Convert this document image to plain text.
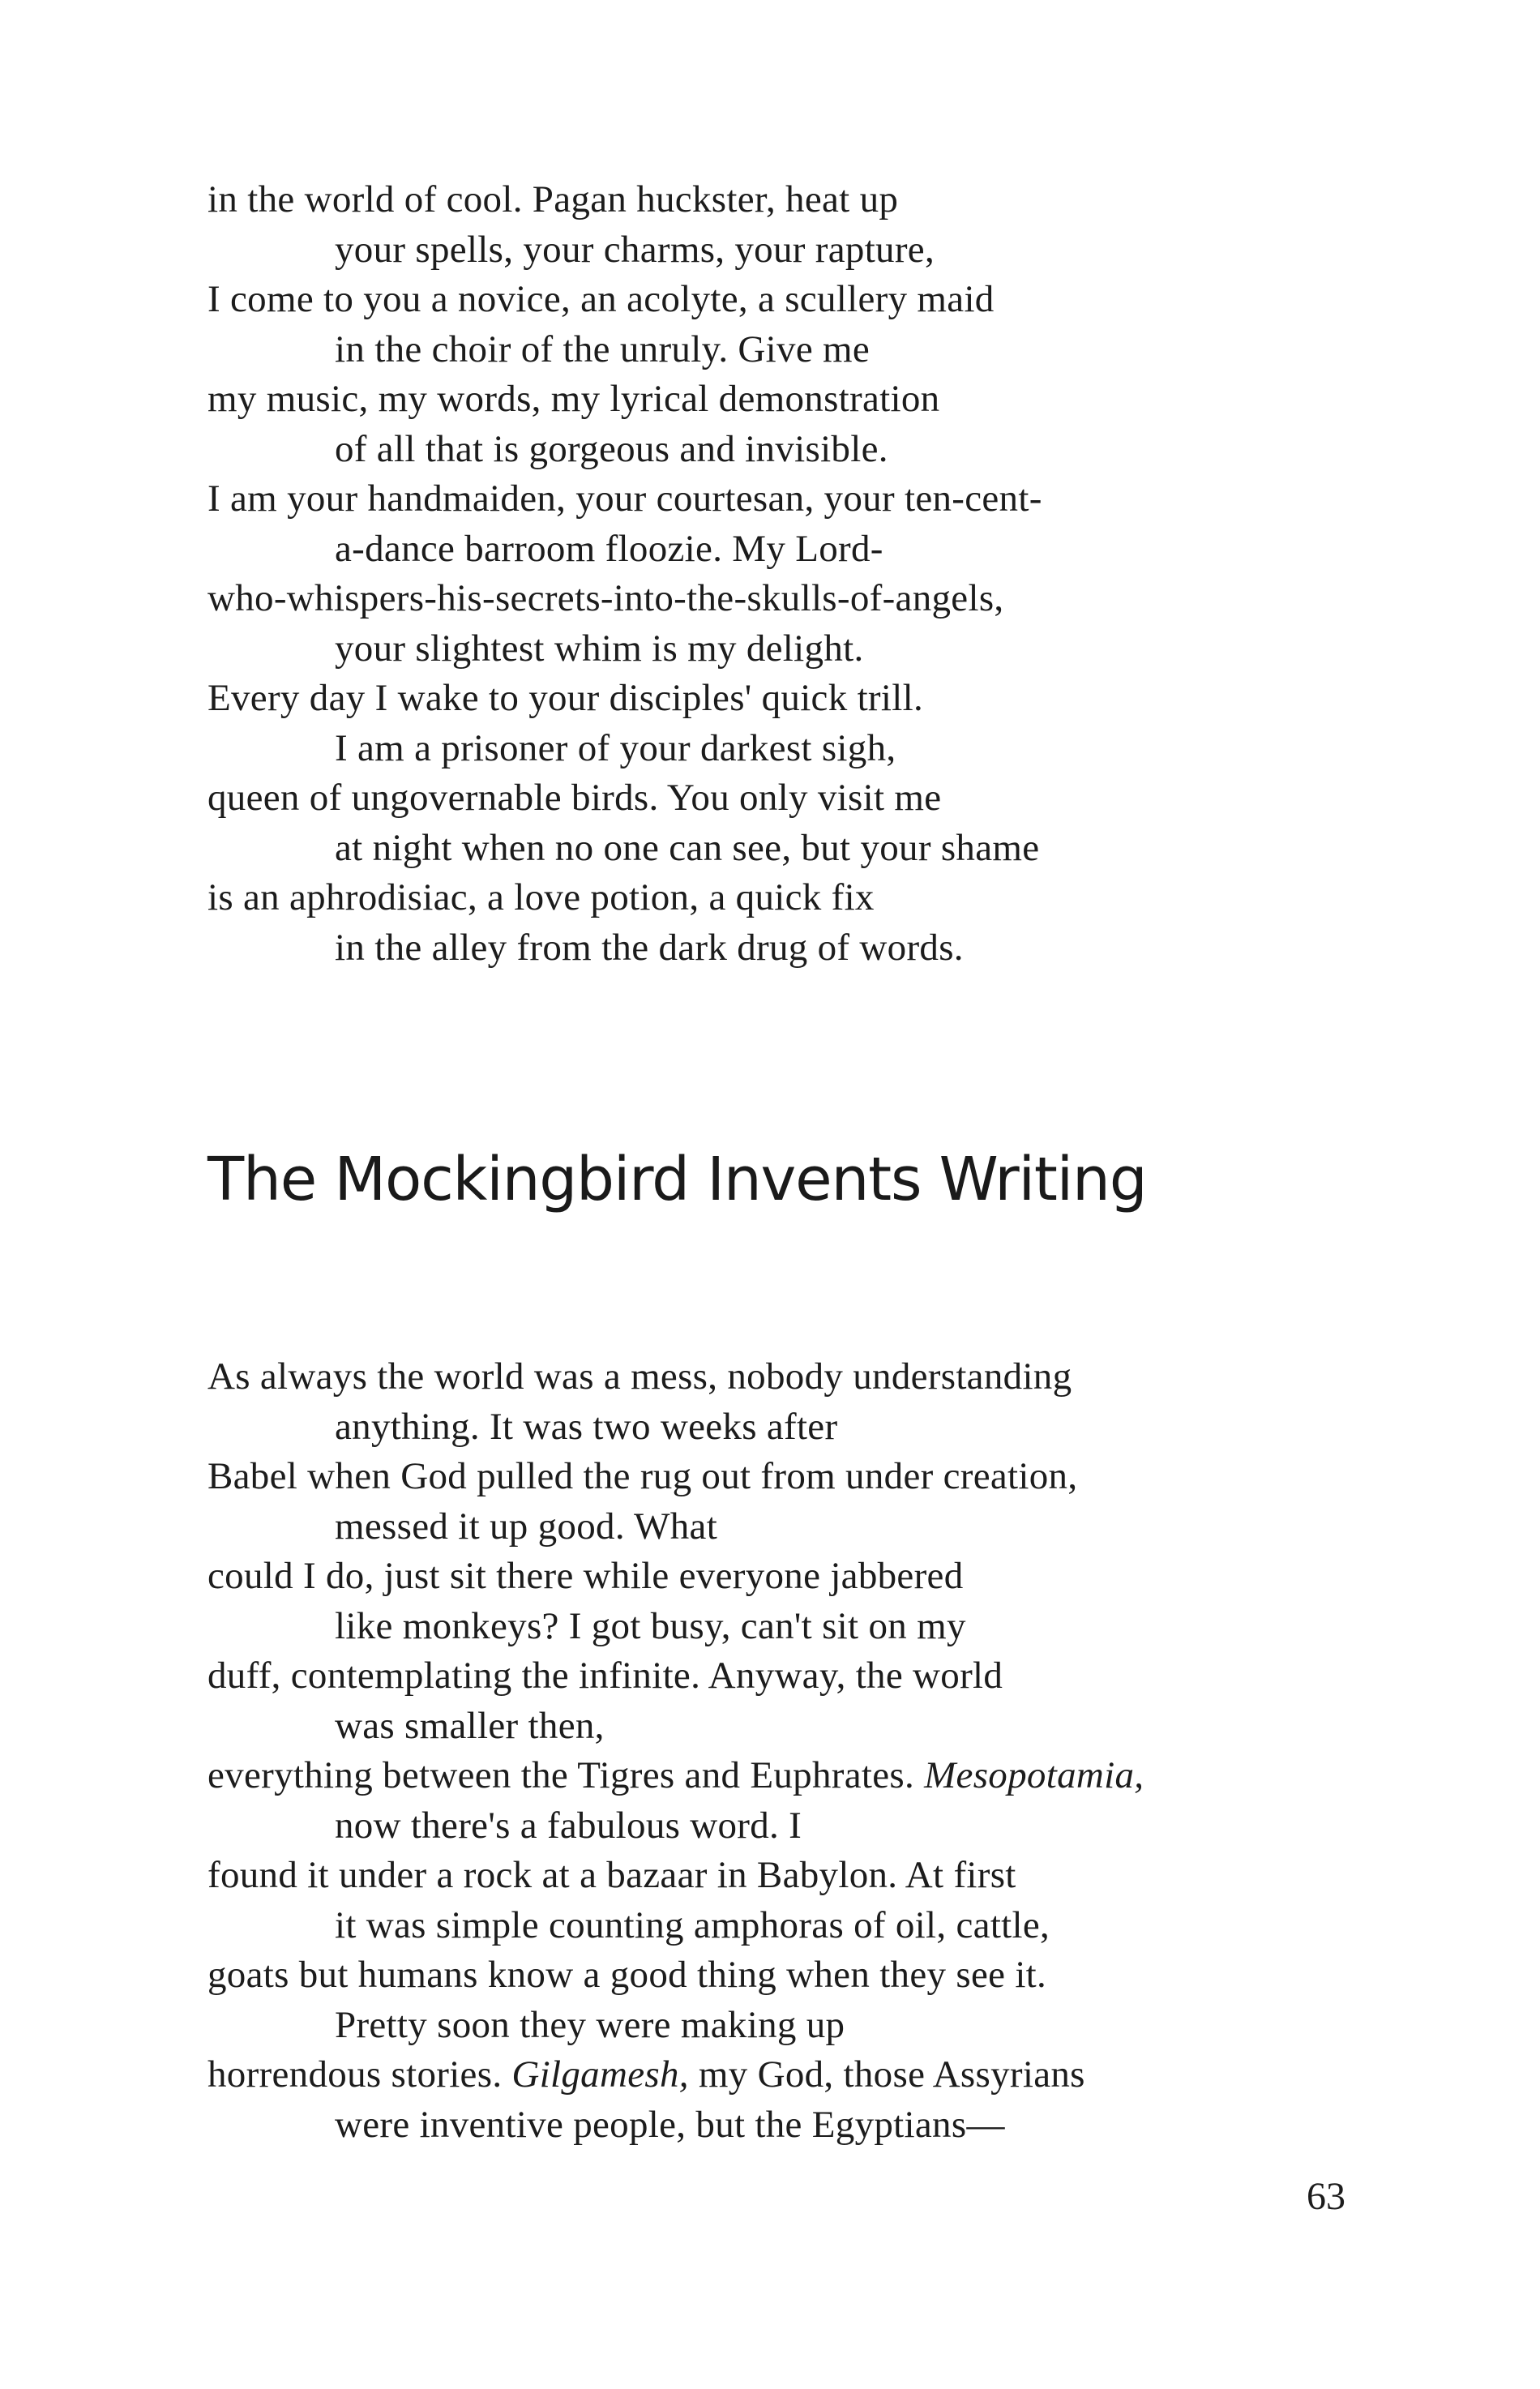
in the world of cool. Pagan huckster, heat up
your spells, your charms, your rapture,
I come to you a novice, an acolyte, a scullery maid
in the choir of the unruly. Give me
my music, my words, my lyrical demonstration
of all that is gorgeous and invisible.
I am your handmaiden, your courtesan, your ten-cent-
a-dance barroom floozie. My Lord-
who-whispers-his-secrets-into-the-skulls-of-angels,
your slightest whim is my delight.
Every day I wake to your disciples' quick trill.
I am a prisoner of your darkest sigh,
queen of ungovernable birds. You only visit me
at night when no one can see, but your shame
is an aphrodisiac, a love potion, a quick fix
in the alley from the dark drug of words.
The Mockingbird Invents Writing
As always the world was a mess, nobody understanding
anything. It was two weeks after
Babel when God pulled the rug out from under creation,
messed it up good. What
could I do, just sit there while everyone jabbered
like monkeys? I got busy, can't sit on my
duff, contemplating the infinite. Anyway, the world
was smaller then,
everything between the Tigres and Euphrates. Mesopotamia,
now there's a fabulous word. I
found it under a rock at a bazaar in Babylon. At first
it was simple counting amphoras of oil, cattle,
goats but humans know a good thing when they see it.
Pretty soon they were making up
horrendous stories. Gilgamesh, my God, those Assyrians
were inventive people, but the Egyptians—
63
